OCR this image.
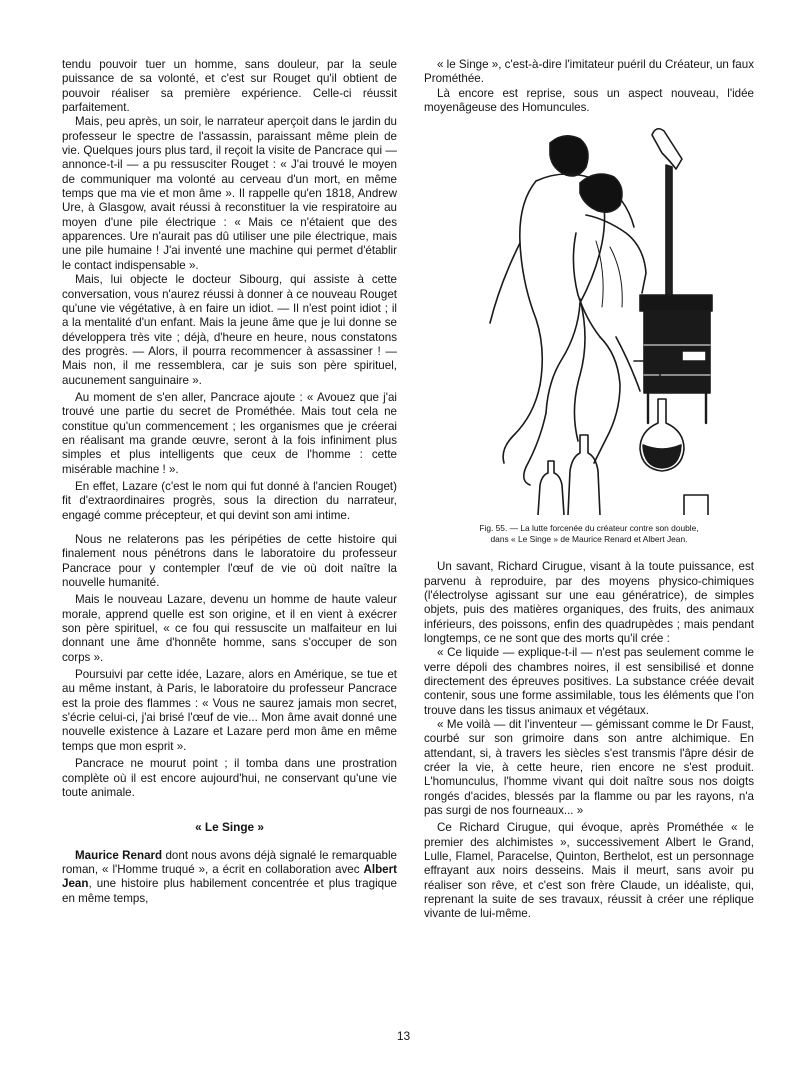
tendu pouvoir tuer un homme, sans douleur, par la seule puissance de sa volonté, et c'est sur Rouget qu'il obtient de pouvoir réaliser sa première expérience. Celle-ci réussit parfaitement.

Mais, peu après, un soir, le narrateur aperçoit dans le jardin du professeur le spectre de l'assassin, paraissant même plein de vie. Quelques jours plus tard, il reçoit la visite de Pancrace qui — annonce-t-il — a pu ressusciter Rouget : « J'ai trouvé le moyen de communiquer ma volonté au cerveau d'un mort, en même temps que ma vie et mon âme ». Il rappelle qu'en 1818, Andrew Ure, à Glasgow, avait réussi à reconstituer la vie respiratoire au moyen d'une pile électrique : « Mais ce n'étaient que des apparences. Ure n'aurait pas dû utiliser une pile électrique, mais une pile humaine ! J'ai inventé une machine qui permet d'établir le contact indispensable ».

Mais, lui objecte le docteur Sibourg, qui assiste à cette conversation, vous n'aurez réussi à donner à ce nouveau Rouget qu'une vie végétative, à en faire un idiot. — Il n'est point idiot ; il a la mentalité d'un enfant. Mais la jeune âme que je lui donne se développera très vite ; déjà, d'heure en heure, nous constatons des progrès. — Alors, il pourra recommencer à assassiner ! — Mais non, il me ressemblera, car je suis son père spirituel, aucunement sanguinaire ».

Au moment de s'en aller, Pancrace ajoute : « Avouez que j'ai trouvé une partie du secret de Prométhée. Mais tout cela ne constitue qu'un commencement ; les organismes que je créerai en réalisant ma grande œuvre, seront à la fois infiniment plus simples et plus intelligents que ceux de l'homme : cette misérable machine ! ».

En effet, Lazare (c'est le nom qui fut donné à l'ancien Rouget) fit d'extraordinaires progrès, sous la direction du narrateur, engagé comme précepteur, et qui devint son ami intime.

Nous ne relaterons pas les péripéties de cette histoire qui finalement nous pénétrons dans le laboratoire du professeur Pancrace pour y contempler l'œuf de vie où doit naître la nouvelle humanité.

Mais le nouveau Lazare, devenu un homme de haute valeur morale, apprend quelle est son origine, et il en vient à exécrer son père spirituel, « ce fou qui ressuscite un malfaiteur en lui donnant une âme d'honnête homme, sans s'occuper de son corps ».

Poursuivi par cette idée, Lazare, alors en Amérique, se tue et au même instant, à Paris, le laboratoire du professeur Pancrace est la proie des flammes : « Vous ne saurez jamais mon secret, s'écrie celui-ci, j'ai brisé l'œuf de vie... Mon âme avait donné une nouvelle existence à Lazare et Lazare perd mon âme en même temps que mon esprit ».

Pancrace ne mourut point ; il tomba dans une prostration complète où il est encore aujourd'hui, ne conservant qu'une vie toute animale.

« Le Singe »

Maurice Renard dont nous avons déjà signalé le remarquable roman, « l'Homme truqué », a écrit en collaboration avec Albert Jean, une histoire plus habilement concentrée et plus tragique en même temps,

« le Singe », c'est-à-dire l'imitateur puéril du Créateur, un faux Prométhée.

Là encore est reprise, sous un aspect nouveau, l'idée moyenâgeuse des Homuncules.

Fig. 55. — La lutte forcenée du créateur contre son double,
dans « Le Singe » de Maurice Renard et Albert Jean.

Un savant, Richard Cirugue, visant à la toute puissance, est parvenu à reproduire, par des moyens physico-chimiques (l'électrolyse agissant sur une eau génératrice), de simples objets, puis des matières organiques, des fruits, des animaux inférieurs, des poissons, enfin des quadrupèdes ; mais pendant longtemps, ce ne sont que des morts qu'il crée :

« Ce liquide — explique-t-il — n'est pas seulement comme le verre dépoli des chambres noires, il est sensibilisé et donne directement des épreuves positives. La substance créée devait contenir, sous une forme assimilable, tous les éléments que l'on trouve dans les tissus animaux et végétaux.

« Me voilà — dit l'inventeur — gémissant comme le Dr Faust, courbé sur son grimoire dans son antre alchimique. En attendant, si, à travers les siècles s'est transmis l'âpre désir de créer la vie, à cette heure, rien encore ne s'est produit. L'homunculus, l'homme vivant qui doit naître sous nos doigts rongés d'acides, blessés par la flamme ou par les rayons, n'a pas surgi de nos fourneaux... »

Ce Richard Cirugue, qui évoque, après Prométhée « le premier des alchimistes », successivement Albert le Grand, Lulle, Flamel, Paracelse, Quinton, Berthelot, est un personnage effrayant aux noirs desseins. Mais il meurt, sans avoir pu réaliser son rêve, et c'est son frère Claude, un idéaliste, qui, reprenant la suite de ses travaux, réussit à créer une réplique vivante de lui-même.

13
